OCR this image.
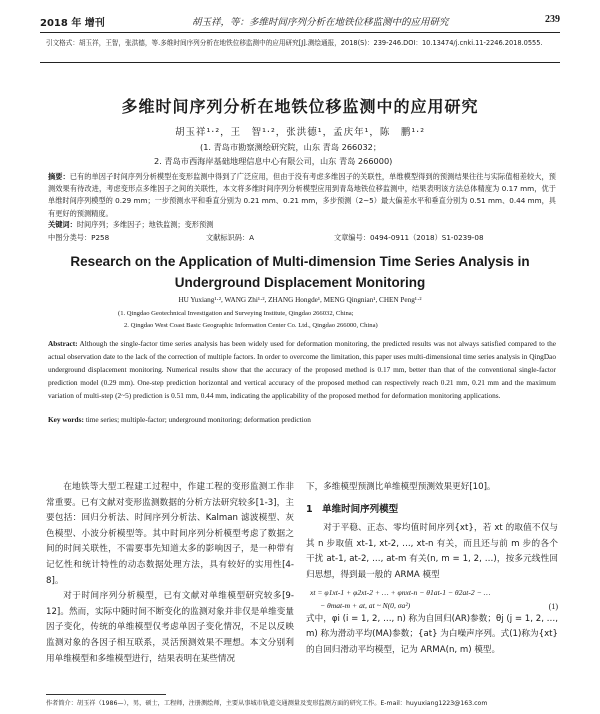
2018 年 增刊	胡玉祥，等：多维时间序列分析在地铁位移监测中的应用研究	239
引文格式：胡玉祥，王智，张洪德，等.多维时间序列分析在地铁位移监测中的应用研究[J].测绘通报，2018(S)：239-246.DOI：10.13474/j.cnki.11-2246.2018.0555.
多维时间序列分析在地铁位移监测中的应用研究
胡玉祥¹·²，王　智¹·²，张洪德¹，孟庆年¹，陈　鹏¹·²
(1. 青岛市勘察测绘研究院，山东 青岛 266032；
2. 青岛市西海岸基础地理信息中心有限公司，山东 青岛 266000)
摘要：已有的单因子时间序列分析模型在变形监测中得到了广泛应用，但由于没有考虑多维因子的关联性，单维模型得到的预测结果往往与实际值相差较大，预测效果有待改进，考虑变形点多维因子之间的关联性，本文将多维时间序列分析模型应用到青岛地铁位移监测中，结果表明该方法总体精度为 0.17 mm，优于单维时间序列模型的 0.29 mm；一步预测水平和垂直分别为 0.21 mm、0.21 mm，多步预测（2~5）最大偏差水平和垂直分别为 0.51 mm、0.44 mm，具有更好的预测精度。
关键词：时间序列；多维因子；地铁监测；变形预测
中图分类号：P258	文献标识码：A	文章编号：0494-0911（2018）S1-0239-08
Research on the Application of Multi-dimension Time Series Analysis in Underground Displacement Monitoring
HU Yuxiang¹·², WANG Zhi¹·², ZHANG Hongde¹, MENG Qingnian¹, CHEN Peng¹·²
(1. Qingdao Geotechnical Investigation and Surveying Institute, Qingdao 266032, China;
2. Qingdao West Coast Basic Geographic Information Center Co. Ltd., Qingdao 266000, China)
Abstract: Although the single-factor time series analysis has been widely used for deformation monitoring, the predicted results was not always satisfied compared to the actual observation date to the lack of the correction of multiple factors. In order to overcome the limitation, this paper uses multi-dimensional time series analysis in QingDao underground displacement monitoring. Numerical results show that the accuracy of the proposed method is 0.17 mm, better than that of the conventional single-factor prediction model (0.29 mm). One-step prediction horizontal and vertical accuracy of the proposed method can respectively reach 0.21 mm, 0.21 mm and the maximum variation of multi-step (2~5) prediction is 0.51 mm, 0.44 mm, indicating the applicability of the proposed method for deformation monitoring applications.
Key words: time series; multiple-factor; underground monitoring; deformation prediction
在地铁等大型工程建工过程中，作建工程的变形监测工作非常重要。已有文献对变形监测数据的分析方法研究较多[1-3]，主要包括：回归分析法、时间序列分析法、Kalman 滤波模型、灰色模型、小波分析模型等。其中时间序列分析模型考虑了数据之间的时间关联性，不需要事先知道太多的影响因子，是一种带有记忆性和统计特性的动态数据处理方法，具有较好的实用性[4-8]。
对于时间序列分析模型，已有文献对单维模型研究较多[9-12]。然而，实际中随时间不断变化的监测对象并非仅是单维变量因子变化，传统的单维模型仅考虑单因子变化情况，不足以反映监测对象的各因子相互联系，灵活预测效果不理想。本文分别利用单维模型和多维模型进行，结果表明在某些情况
下，多维模型预测比单维模型预测效果更好[10]。
1　单维时间序列模型
对于平稳、正态、零均值时间序列{xt}，若 xt 的取值不仅与其 n 步取值 xt-1, xt-2, …, xt-n 有关，而且还与前 m 步的各个干扰 at-1, at-2, …, at-m 有关(n, m = 1, 2, …)，按多元线性回归思想，得到最一般的 ARMA 模型
xt = φ1xt-1 + φ2xt-2 + … + φnxt-n − θ1at-1 − θ2at-2 − …
− θmat-m + at, at ~ N(0, σa²)	(1)
式中，φi (i = 1, 2, …, n) 称为自回归(AR)参数；θj (j = 1, 2, …, m) 称为滑动平均(MA)参数；{at} 为白噪声序列。式(1)称为{xt}的自回归滑动平均模型，记为 ARMA(n, m) 模型。
作者简介：胡玉祥（1986—），男，硕士，工程师，注册测绘师，主要从事城市轨道交通测量及变形监测方面的研究工作。E-mail：huyuxiang1223@163.com
